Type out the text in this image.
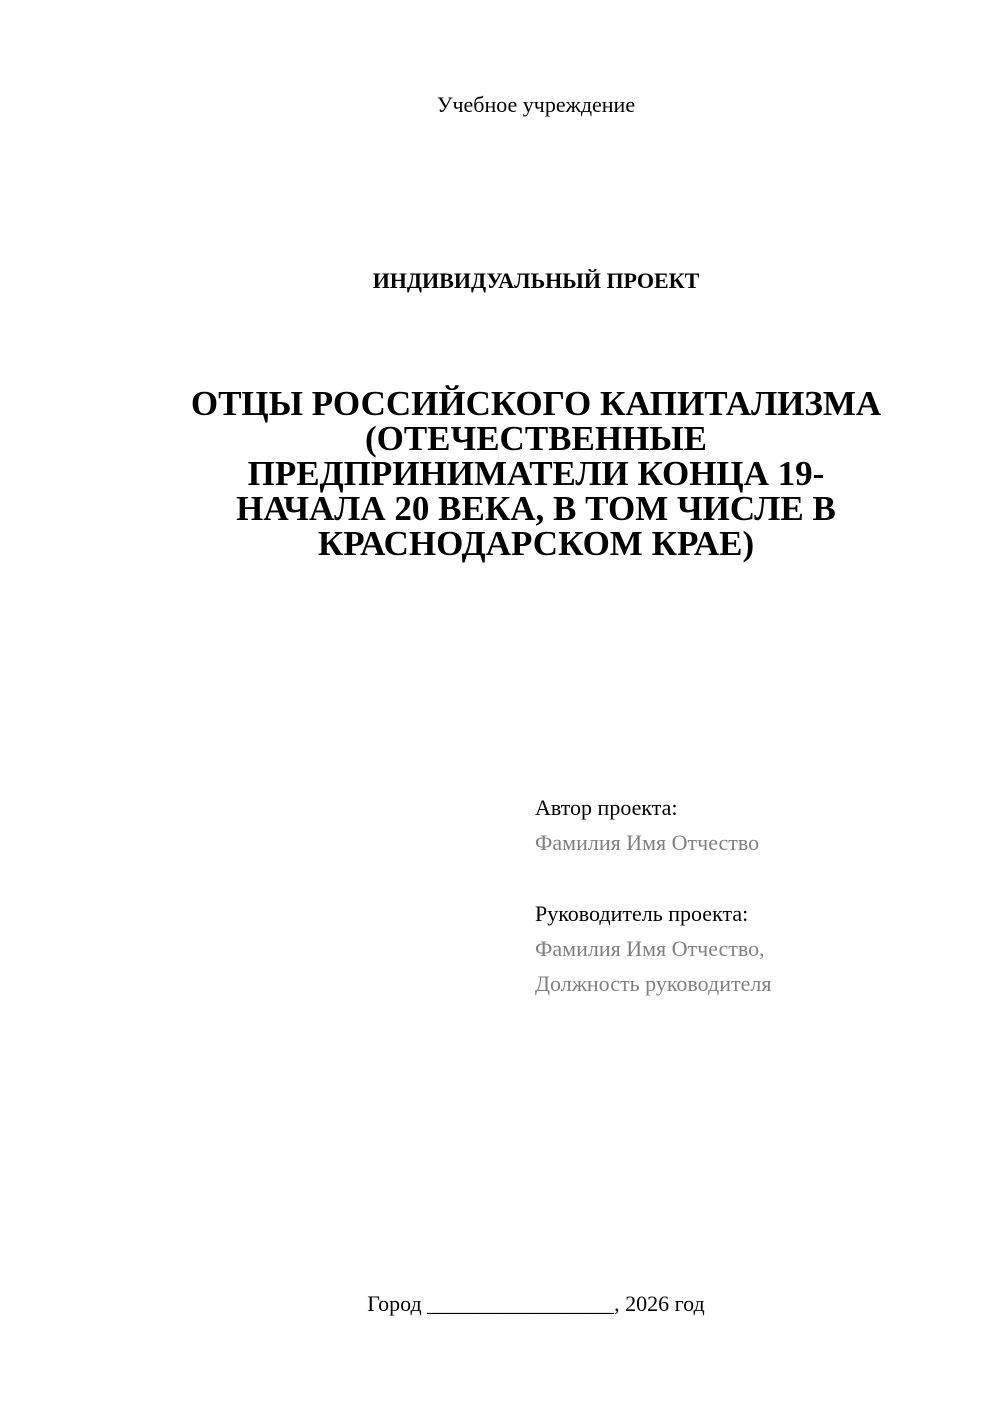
Учебное учреждение
ИНДИВИДУАЛЬНЫЙ ПРОЕКТ
ОТЦЫ РОССИЙСКОГО КАПИТАЛИЗМА
(ОТЕЧЕСТВЕННЫЕ
ПРЕДПРИНИМАТЕЛИ КОНЦА 19-
НАЧАЛА 20 ВЕКА, В ТОМ ЧИСЛЕ В
КРАСНОДАРСКОМ КРАЕ)
Автор проекта:
Фамилия Имя Отчество
Руководитель проекта:
Фамилия Имя Отчество,
Должность руководителя
Город _________________, 2026 год
